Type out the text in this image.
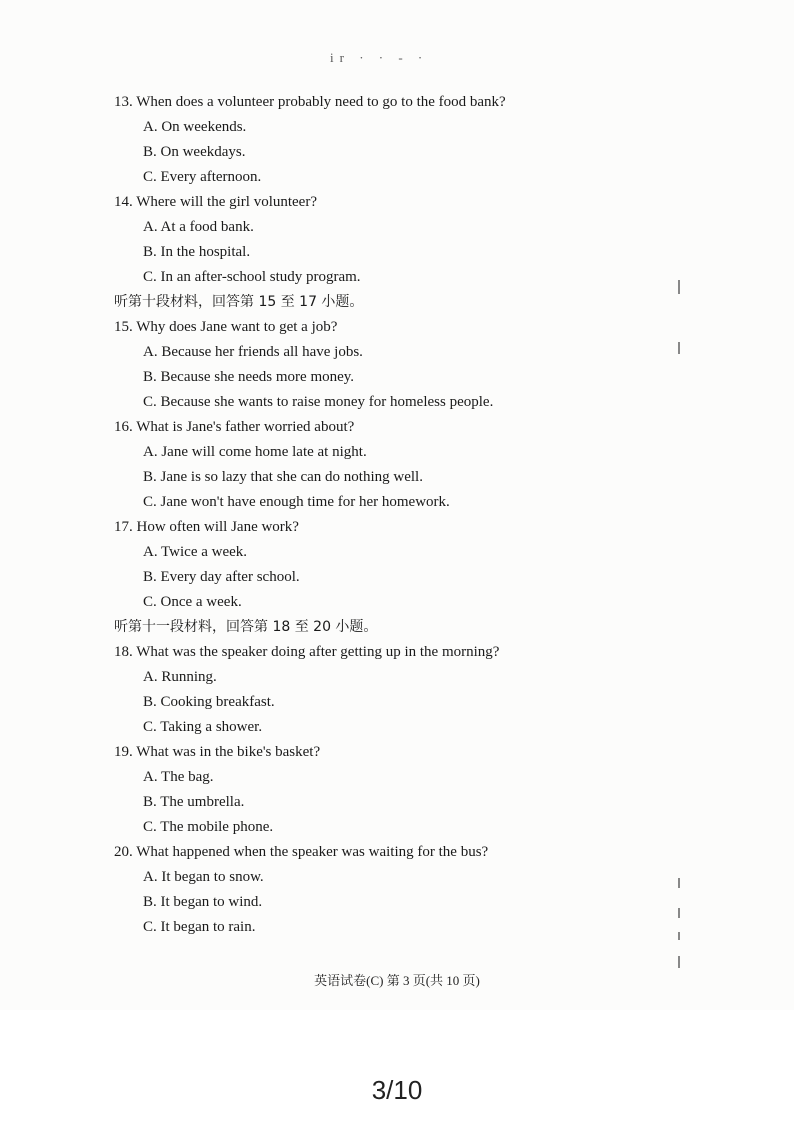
ir · · - ·
13. When does a volunteer probably need to go to the food bank?
A. On weekends.
B. On weekdays.
C. Every afternoon.
14. Where will the girl volunteer?
A. At a food bank.
B. In the hospital.
C. In an after-school study program.
听第十段材料，回答第 15 至 17 小题。
15. Why does Jane want to get a job?
A. Because her friends all have jobs.
B. Because she needs more money.
C. Because she wants to raise money for homeless people.
16. What is Jane's father worried about?
A. Jane will come home late at night.
B. Jane is so lazy that she can do nothing well.
C. Jane won't have enough time for her homework.
17. How often will Jane work?
A. Twice a week.
B. Every day after school.
C. Once a week.
听第十一段材料，回答第 18 至 20 小题。
18. What was the speaker doing after getting up in the morning?
A. Running.
B. Cooking breakfast.
C. Taking a shower.
19. What was in the bike's basket?
A. The bag.
B. The umbrella.
C. The mobile phone.
20. What happened when the speaker was waiting for the bus?
A. It began to snow.
B. It began to wind.
C. It began to rain.
英语试卷(C) 第 3 页(共 10 页)
3/10
